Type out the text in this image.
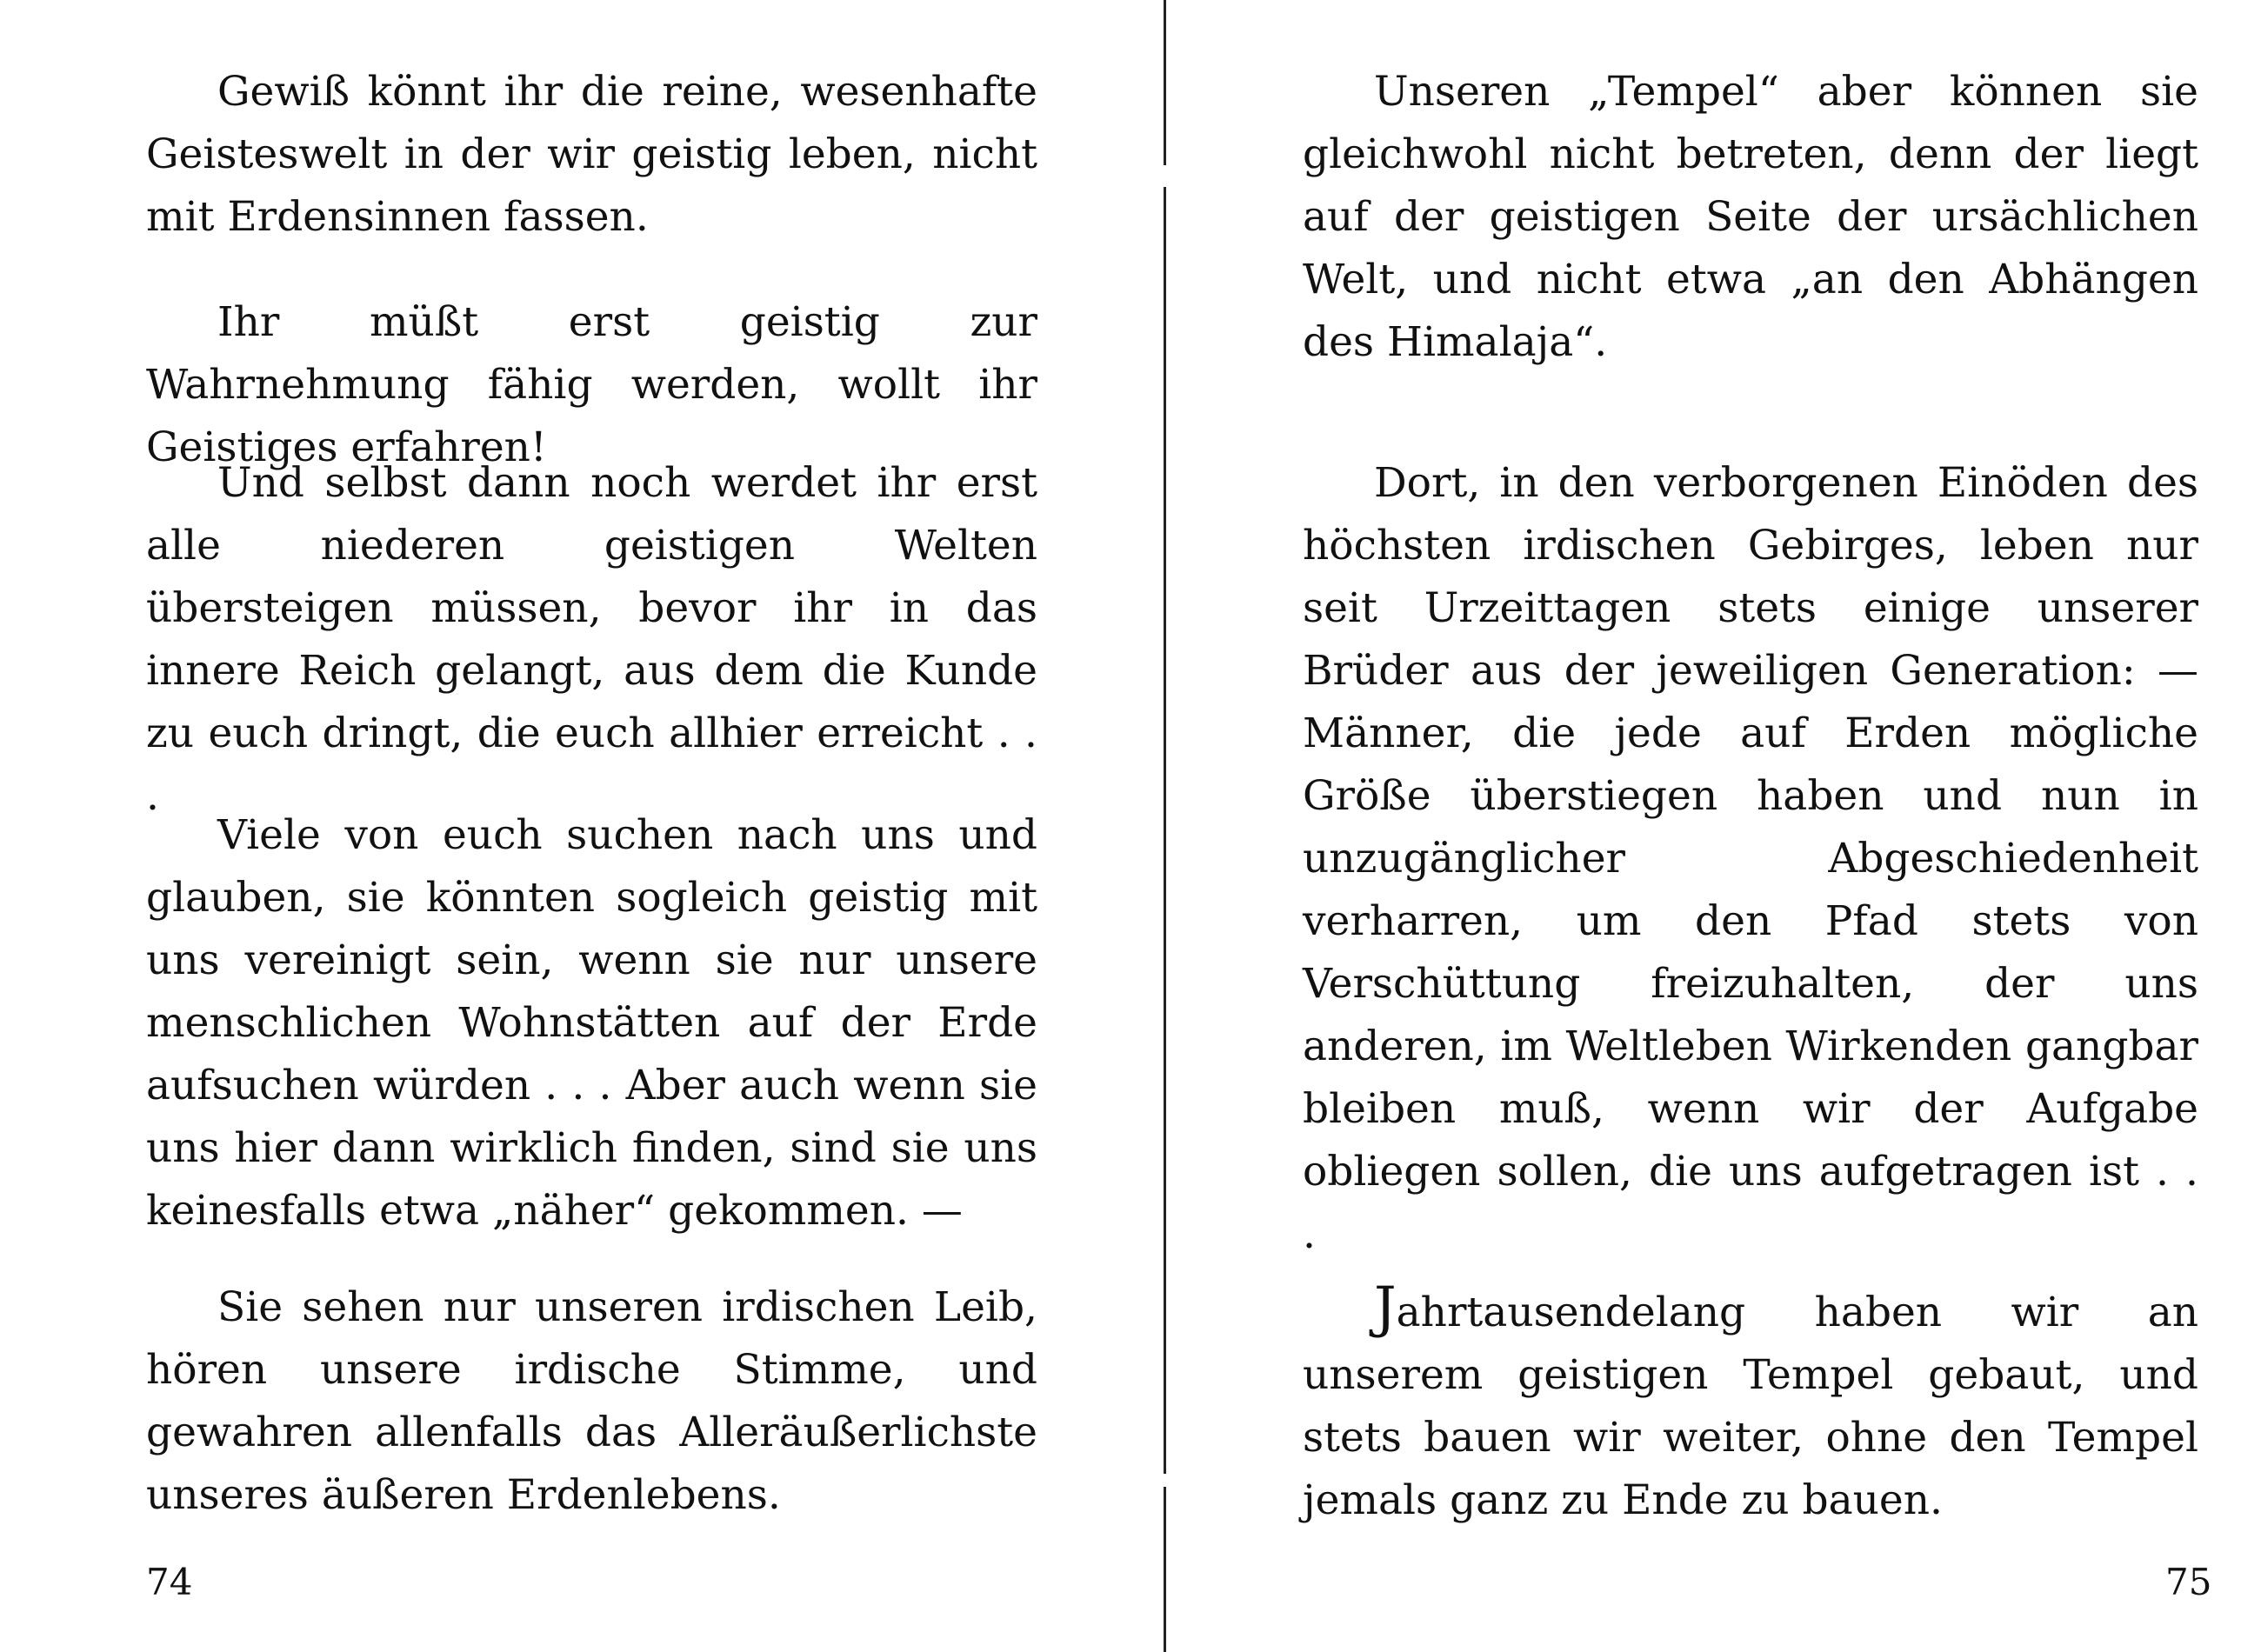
Gewiß könnt ihr die reine, wesenhafte Geisteswelt in der wir geistig leben, nicht mit Erdensinnen fassen.

Ihr müßt erst geistig zur Wahrnehmung fähig werden, wollt ihr Geistiges erfahren!

Und selbst dann noch werdet ihr erst alle niederen geistigen Welten übersteigen müssen, bevor ihr in das innere Reich gelangt, aus dem die Kunde zu euch dringt, die euch allhier erreicht . . .

Viele von euch suchen nach uns und glauben, sie könnten sogleich geistig mit uns vereinigt sein, wenn sie nur unsere menschlichen Wohnstätten auf der Erde aufsuchen würden . . . Aber auch wenn sie uns hier dann wirklich finden, sind sie uns keinesfalls etwa „näher“ gekommen. —

Sie sehen nur unseren irdischen Leib, hören unsere irdische Stimme, und gewahren allenfalls das Alleräußerlichste unseres äußeren Erdenlebens.

Unseren „Tempel“ aber können sie gleichwohl nicht betreten, denn der liegt auf der geistigen Seite der ursächlichen Welt, und nicht etwa „an den Abhängen des Himalaja“.

Dort, in den verborgenen Einöden des höchsten irdischen Gebirges, leben nur seit Urzeittagen stets einige unserer Brüder aus der jeweiligen Generation: — Männer, die jede auf Erden mögliche Größe überstiegen haben und nun in unzugänglicher Abgeschiedenheit verharren, um den Pfad stets von Verschüttung freizuhalten, der uns anderen, im Weltleben Wirkenden gangbar bleiben muß, wenn wir der Aufgabe obliegen sollen, die uns aufgetragen ist . . .

Jahrtausendelang haben wir an unserem geistigen Tempel gebaut, und stets bauen wir weiter, ohne den Tempel jemals ganz zu Ende zu bauen.

74	75
